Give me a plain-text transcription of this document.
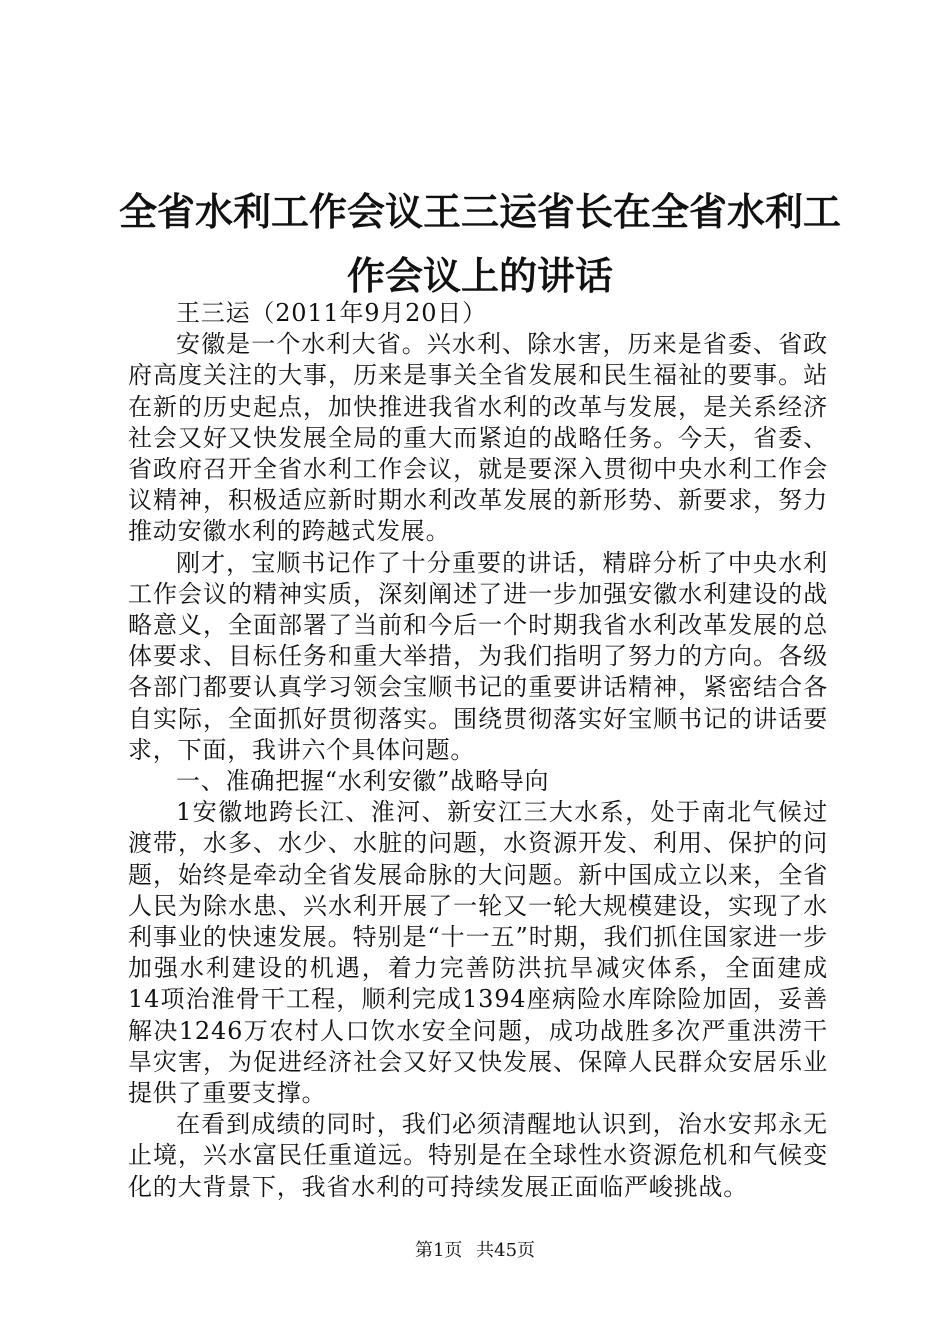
全省水利工作会议王三运省长在全省水利工作会议上的讲话

王三运（2011年9月20日）

安徽是一个水利大省。兴水利、除水害，历来是省委、省政府高度关注的大事，历来是事关全省发展和民生福祉的要事。站在新的历史起点，加快推进我省水利的改革与发展，是关系经济社会又好又快发展全局的重大而紧迫的战略任务。今天，省委、省政府召开全省水利工作会议，就是要深入贯彻中央水利工作会议精神，积极适应新时期水利改革发展的新形势、新要求，努力推动安徽水利的跨越式发展。

刚才，宝顺书记作了十分重要的讲话，精辟分析了中央水利工作会议的精神实质，深刻阐述了进一步加强安徽水利建设的战略意义，全面部署了当前和今后一个时期我省水利改革发展的总体要求、目标任务和重大举措，为我们指明了努力的方向。各级各部门都要认真学习领会宝顺书记的重要讲话精神，紧密结合各自实际，全面抓好贯彻落实。围绕贯彻落实好宝顺书记的讲话要求，下面，我讲六个具体问题。

一、准确把握“水利安徽”战略导向

1安徽地跨长江、淮河、新安江三大水系，处于南北气候过渡带，水多、水少、水脏的问题，水资源开发、利用、保护的问题，始终是牵动全省发展命脉的大问题。新中国成立以来，全省人民为除水患、兴水利开展了一轮又一轮大规模建设，实现了水利事业的快速发展。特别是“十一五”时期，我们抓住国家进一步加强水利建设的机遇，着力完善防洪抗旱减灾体系，全面建成14项治淮骨干工程，顺利完成1394座病险水库除险加固，妥善解决1246万农村人口饮水安全问题，成功战胜多次严重洪涝干旱灾害，为促进经济社会又好又快发展、保障人民群众安居乐业提供了重要支撑。

在看到成绩的同时，我们必须清醒地认识到，治水安邦永无止境，兴水富民任重道远。特别是在全球性水资源危机和气候变化的大背景下，我省水利的可持续发展正面临严峻挑战。

第1页 共45页
